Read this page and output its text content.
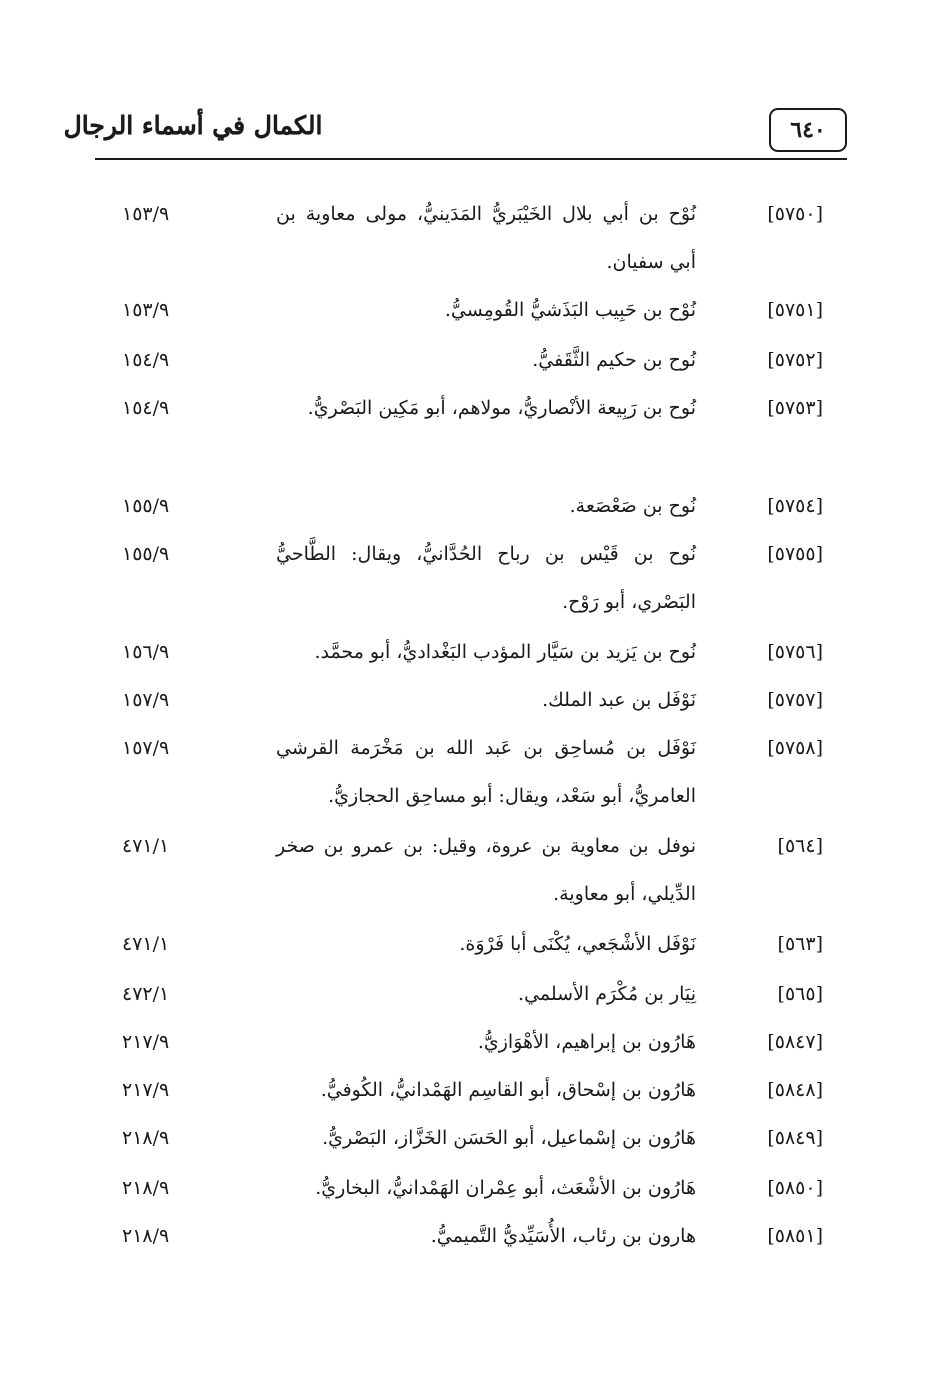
الكمال في أسماء الرجال	٦٤٠
[٥٧٥٠]
نُوْح بن أبي بلال الخَيْبَريُّ المَدَينيُّ، مولى معاوية بن أبي سفيان.
١٥٣/٩
[٥٧٥١]
نُوْح بن حَبِيب البَذَشيُّ القُومِسيُّ.
١٥٣/٩
[٥٧٥٢]
نُوح بن حكيم الثَّقَفيُّ.
١٥٤/٩
[٥٧٥٣]
نُوح بن رَبِيعة الأنْصاريُّ، مولاهم، أبو مَكِين البَصْريُّ.
١٥٤/٩
[٥٧٥٤]
نُوح بن صَعْصَعة.
١٥٥/٩
[٥٧٥٥]
نُوح بن قَيْس بن رباح الحُدَّانيُّ، ويقال: الطَّاحيُّ البَصْري، أبو رَوْح.
١٥٥/٩
[٥٧٥٦]
نُوح بن يَزيد بن سَيَّار المؤدب البَغْداديُّ، أبو محمَّد.
١٥٦/٩
[٥٧٥٧]
نَوْفَل بن عبد الملك.
١٥٧/٩
[٥٧٥٨]
نَوْفَل بن مُساحِق بن عَبد الله بن مَخْرَمة القرشي العامريُّ، أبو سَعْد، ويقال: أبو مساحِق الحجازيُّ.
١٥٧/٩
[٥٦٤]
نوفل بن معاوية بن عروة، وقيل: بن عمرو بن صخر الدِّيلي، أبو معاوية.
٤٧١/١
[٥٦٣]
نَوْفَل الأشْجَعي، يُكْنَى أبا فَرْوَة.
٤٧١/١
[٥٦٥]
نِيَار بن مُكْرَم الأسلمي.
٤٧٢/١
[٥٨٤٧]
هَارُون بن إبراهيم، الأهْوَازيُّ.
٢١٧/٩
[٥٨٤٨]
هَارُون بن إسْحاق، أبو القاسِم الهَمْدانيُّ، الكُوفيُّ.
٢١٧/٩
[٥٨٤٩]
هَارُون بن إسْماعيل، أبو الحَسَن الخَزَّاز، البَصْريُّ.
٢١٨/٩
[٥٨٥٠]
هَارُون بن الأشْعَث، أبو عِمْران الهَمْدانيُّ، البخاريُّ.
٢١٨/٩
[٥٨٥١]
هارون بن رئاب، الأُسَيِّديُّ التَّميميُّ.
٢١٨/٩
